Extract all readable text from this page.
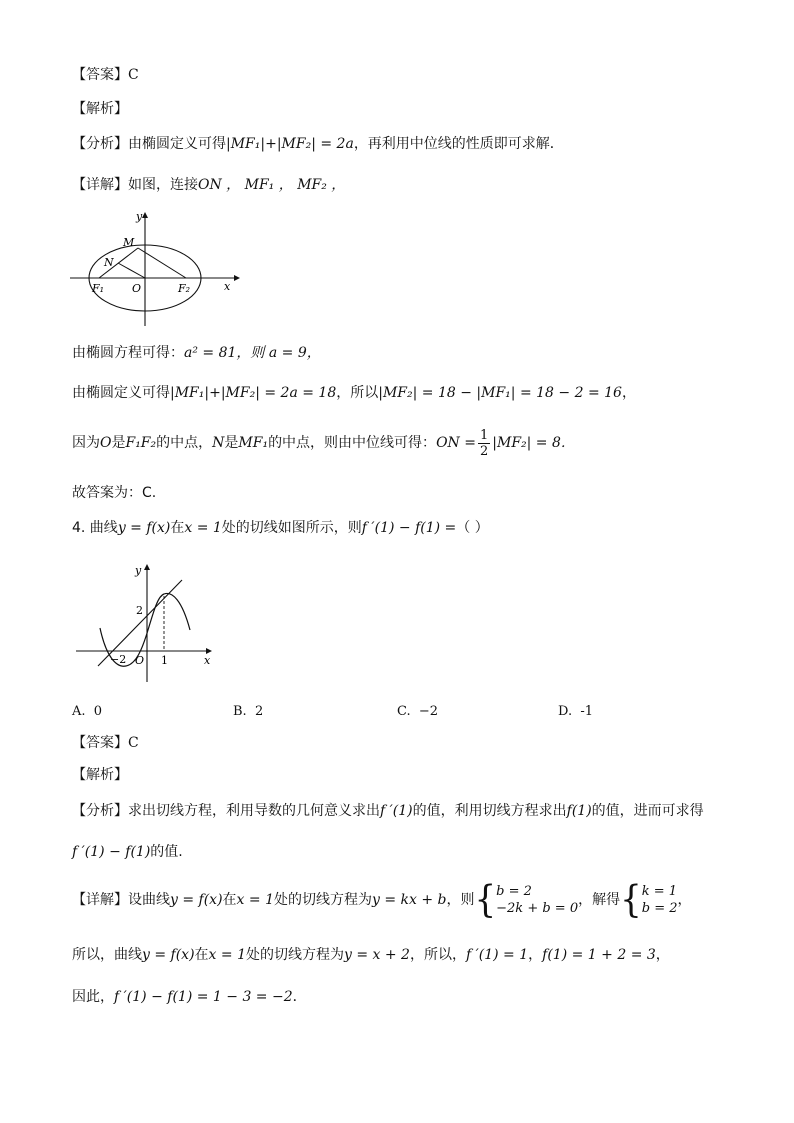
【答案】C
【解析】
【分析】由椭圆定义可得|MF₁|+|MF₂| = 2a，再利用中位线的性质即可求解．
【详解】如图，连接ON ， MF₁ ， MF₂ ，
y
x
M
N
O
F₁	F₂
由椭圆方程可得：a² = 81，则 a = 9，
由椭圆定义可得|MF₁|+|MF₂| = 2a = 18，所以|MF₂| = 18 − |MF₁| = 18 − 2 = 16，
因为O是F₁F₂的中点，N是MF₁的中点，则由中位线可得：ON = $\frac{1}{2} |MF_2| = 8$．
故答案为：C.
4. 曲线y = f(x)在x = 1处的切线如图所示，则f ′(1) − f(1) =（ ）
y
x
2
−2 O 1
A. 0	B. 2	C. −2	D. -1
【答案】C
【解析】
【分析】求出切线方程，利用导数的几何意义求出f ′(1)的值，利用切线方程求出f(1)的值，进而可求得
f ′(1) − f(1)的值.
【详解】设曲线y = f(x)在x = 1处的切线方程为y = kx + b，则{ b = 2
−2k + b = 0
，解得{ k = 1
b = 2
，
所以，曲线y = f(x)在x = 1处的切线方程为y = x + 2，所以，f ′(1) = 1，f(1) = 1 + 2 = 3，
因此，f ′(1) − f(1) = 1 − 3 = −2．
